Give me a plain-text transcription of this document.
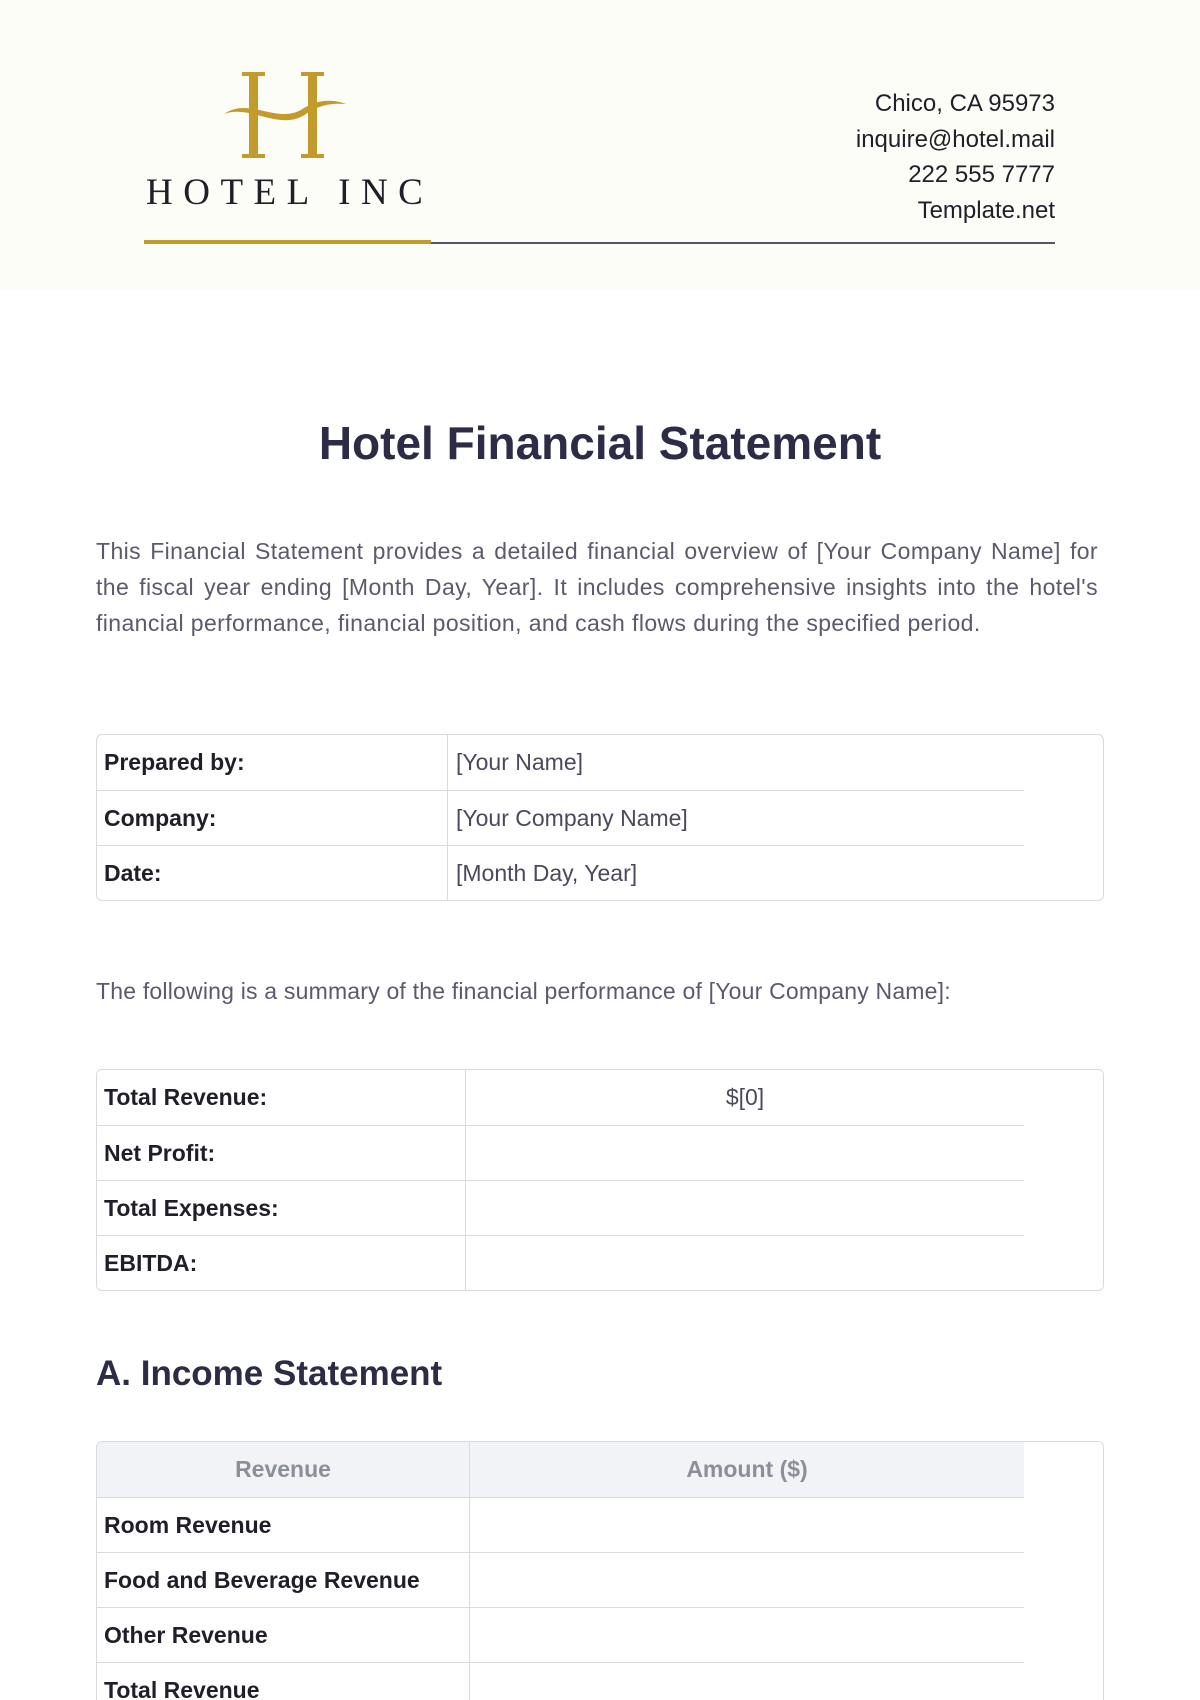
HOTEL INC
Chico, CA 95973
inquire@hotel.mail
222 555 7777
Template.net
Hotel Financial Statement

This Financial Statement provides a detailed financial overview of [Your Company Name] for the fiscal year ending [Month Day, Year]. It includes comprehensive insights into the hotel's financial performance, financial position, and cash flows during the specified period.

Prepared by:	[Your Name]
Company:	[Your Company Name]
Date:	[Month Day, Year]

The following is a summary of the financial performance of [Your Company Name]:

Total Revenue:	$[0]
Net Profit:
Total Expenses:
EBITDA:
A. Income Statement
Revenue	Amount ($)
Room Revenue
Food and Beverage Revenue
Other Revenue
Total Revenue
